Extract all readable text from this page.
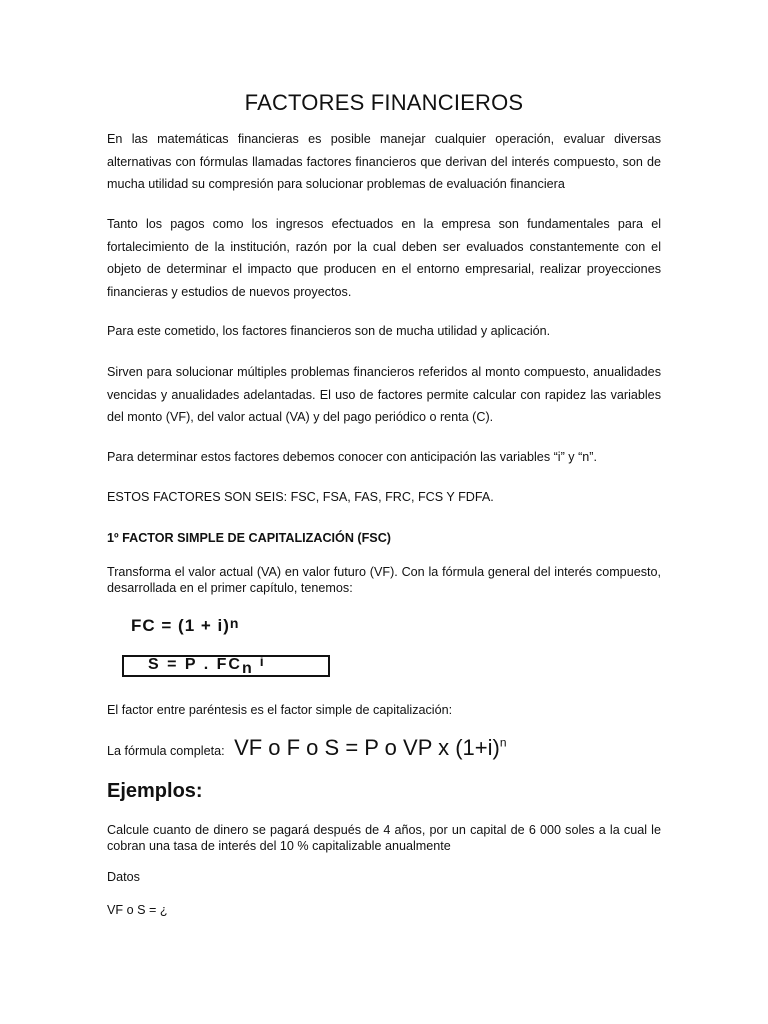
FACTORES FINANCIEROS

En las matemáticas financieras es posible manejar cualquier operación, evaluar diversas alternativas con fórmulas llamadas factores financieros que derivan del interés compuesto, son de mucha utilidad su compresión para solucionar problemas de evaluación financiera

Tanto los pagos como los ingresos efectuados en la empresa son fundamentales para el fortalecimiento de la institución, razón por la cual deben ser evaluados constantemente con el objeto de determinar el impacto que producen en el entorno empresarial, realizar proyecciones financieras y estudios de nuevos proyectos.

Para este cometido, los factores financieros son de mucha utilidad y aplicación.

Sirven para solucionar múltiples problemas financieros referidos al monto compuesto, anualidades vencidas y anualidades adelantadas. El uso de factores permite calcular con rapidez las variables del monto (VF), del valor actual (VA) y del pago periódico o renta (C).

Para determinar estos factores debemos conocer con anticipación las variables “i” y “n”.

ESTOS FACTORES SON SEIS: FSC, FSA, FAS, FRC, FCS Y FDFA.

1º FACTOR SIMPLE DE CAPITALIZACIÓN (FSC)

Transforma el valor actual (VA) en valor futuro (VF). Con la fórmula general del interés compuesto, desarrollada en el primer capítulo, tenemos:

FC = (1 + i)n
S = P . FCn i

El factor entre paréntesis es el factor simple de capitalización:

La fórmula completa: VF o F o S = P o VP x $(1+i)^n$

Ejemplos:

Calcule cuanto de dinero se pagará después de 4 años, por un capital de 6 000 soles a la cual le cobran una tasa de interés del 10 % capitalizable anualmente

Datos

VF o S = ¿
